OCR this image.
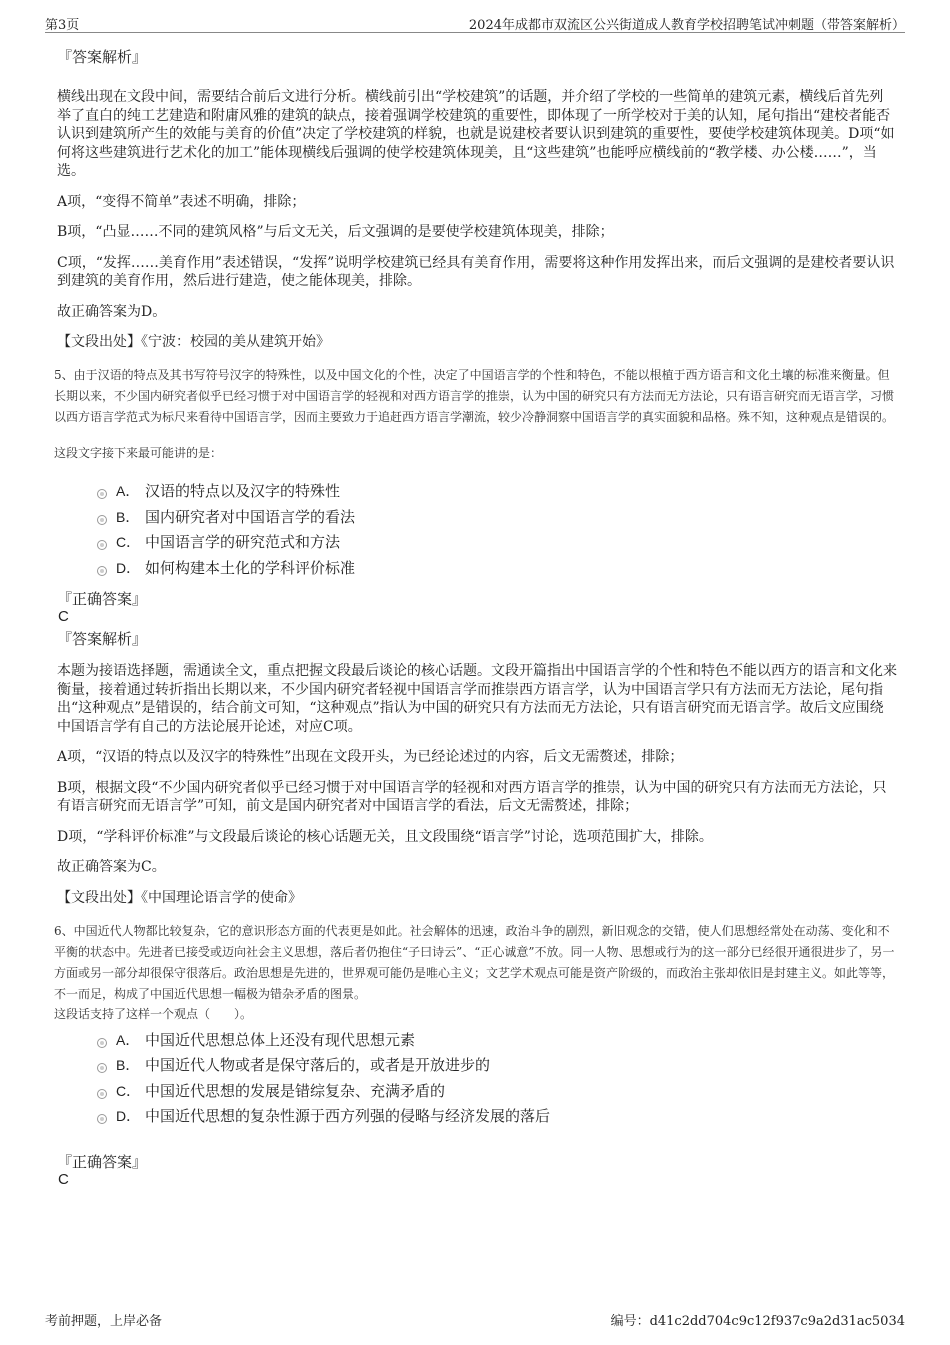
第3页	2024年成都市双流区公兴街道成人教育学校招聘笔试冲刺题（带答案解析）
『答案解析』

横线出现在文段中间，需要结合前后文进行分析。横线前引出“学校建筑”的话题，并介绍了学校的一些简单的建筑元素，横线后首先列举了直白的纯工艺建造和附庸风雅的建筑的缺点，接着强调学校建筑的重要性，即体现了一所学校对于美的认知，尾句指出“建校者能否认识到建筑所产生的效能与美育的价值”决定了学校建筑的样貌，也就是说建校者要认识到建筑的重要性，要使学校建筑体现美。D项“如何将这些建筑进行艺术化的加工”能体现横线后强调的使学校建筑体现美，且“这些建筑”也能呼应横线前的“教学楼、办公楼……”，当选。

A项，“变得不简单”表述不明确，排除；

B项，“凸显……不同的建筑风格”与后文无关，后文强调的是要使学校建筑体现美，排除；

C项，“发挥……美育作用”表述错误，“发挥”说明学校建筑已经具有美育作用，需要将这种作用发挥出来，而后文强调的是建校者要认识到建筑的美育作用，然后进行建造，使之能体现美，排除。

故正确答案为D。

【文段出处】《宁波：校园的美从建筑开始》

5、由于汉语的特点及其书写符号汉字的特殊性，以及中国文化的个性，决定了中国语言学的个性和特色，不能以根植于西方语言和文化土壤的标准来衡量。但长期以来，不少国内研究者似乎已经习惯于对中国语言学的轻视和对西方语言学的推崇，认为中国的研究只有方法而无方法论，只有语言研究而无语言学，习惯以西方语言学范式为标尺来看待中国语言学，因而主要致力于追赶西方语言学潮流，较少冷静洞察中国语言学的真实面貌和品格。殊不知，这种观点是错误的。

这段文字接下来最可能讲的是：

A． 汉语的特点以及汉字的特殊性
B． 国内研究者对中国语言学的看法
C． 中国语言学的研究范式和方法
D． 如何构建本土化的学科评价标准
『正确答案』
C
『答案解析』

本题为接语选择题，需通读全文，重点把握文段最后谈论的核心话题。文段开篇指出中国语言学的个性和特色不能以西方的语言和文化来衡量，接着通过转折指出长期以来，不少国内研究者轻视中国语言学而推崇西方语言学，认为中国语言学只有方法而无方法论，尾句指出“这种观点”是错误的，结合前文可知，“这种观点”指认为中国的研究只有方法而无方法论，只有语言研究而无语言学。故后文应围绕中国语言学有自己的方法论展开论述，对应C项。

A项，“汉语的特点以及汉字的特殊性”出现在文段开头，为已经论述过的内容，后文无需赘述，排除；

B项，根据文段“不少国内研究者似乎已经习惯于对中国语言学的轻视和对西方语言学的推崇，认为中国的研究只有方法而无方法论，只有语言研究而无语言学”可知，前文是国内研究者对中国语言学的看法，后文无需赘述，排除；

D项，“学科评价标准”与文段最后谈论的核心话题无关，且文段围绕“语言学”讨论，选项范围扩大，排除。

故正确答案为C。

【文段出处】《中国理论语言学的使命》

6、中国近代人物都比较复杂，它的意识形态方面的代表更是如此。社会解体的迅速，政治斗争的剧烈，新旧观念的交错，使人们思想经常处在动荡、变化和不平衡的状态中。先进者已接受或迈向社会主义思想，落后者仍抱住“子曰诗云”、“正心诚意”不放。同一人物、思想或行为的这一部分已经很开通很进步了，另一方面或另一部分却很保守很落后。政治思想是先进的，世界观可能仍是唯心主义；文艺学术观点可能是资产阶级的，而政治主张却依旧是封建主义。如此等等，不一而足，构成了中国近代思想一幅极为错杂矛盾的图景。

这段话支持了这样一个观点（　　）。

A． 中国近代思想总体上还没有现代思想元素
B． 中国近代人物或者是保守落后的，或者是开放进步的
C． 中国近代思想的发展是错综复杂、充满矛盾的
D． 中国近代思想的复杂性源于西方列强的侵略与经济发展的落后
『正确答案』
C
考前押题，上岸必备	编号：d41c2dd704c9c12f937c9a2d31ac5034
